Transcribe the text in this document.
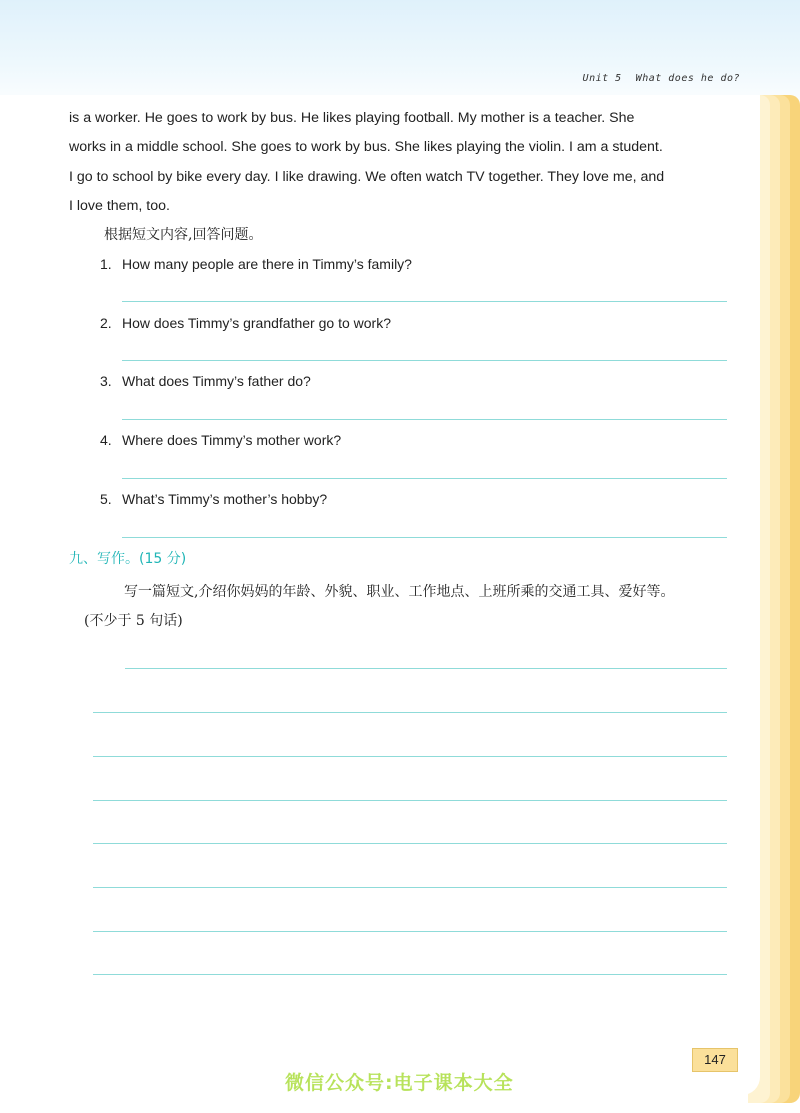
Unit 5 What does he do?

is a worker. He goes to work by bus. He likes playing football. My mother is a teacher. She

works in a middle school. She goes to work by bus. She likes playing the violin. I am a student.

I go to school by bike every day. I like drawing. We often watch TV together. They love me, and

I love them, too.

根据短文内容,回答问题。
1. How many people are there in Timmy’s family?
2. How does Timmy’s grandfather go to work?
3. What does Timmy’s father do?
4. Where does Timmy’s mother work?
5. What’s Timmy’s mother’s hobby?
九、写作。(15 分)
写一篇短文,介绍你妈妈的年龄、外貌、职业、工作地点、上班所乘的交通工具、爱好等。
(不少于 5 句话)
147
微信公众号:电子课本大全
